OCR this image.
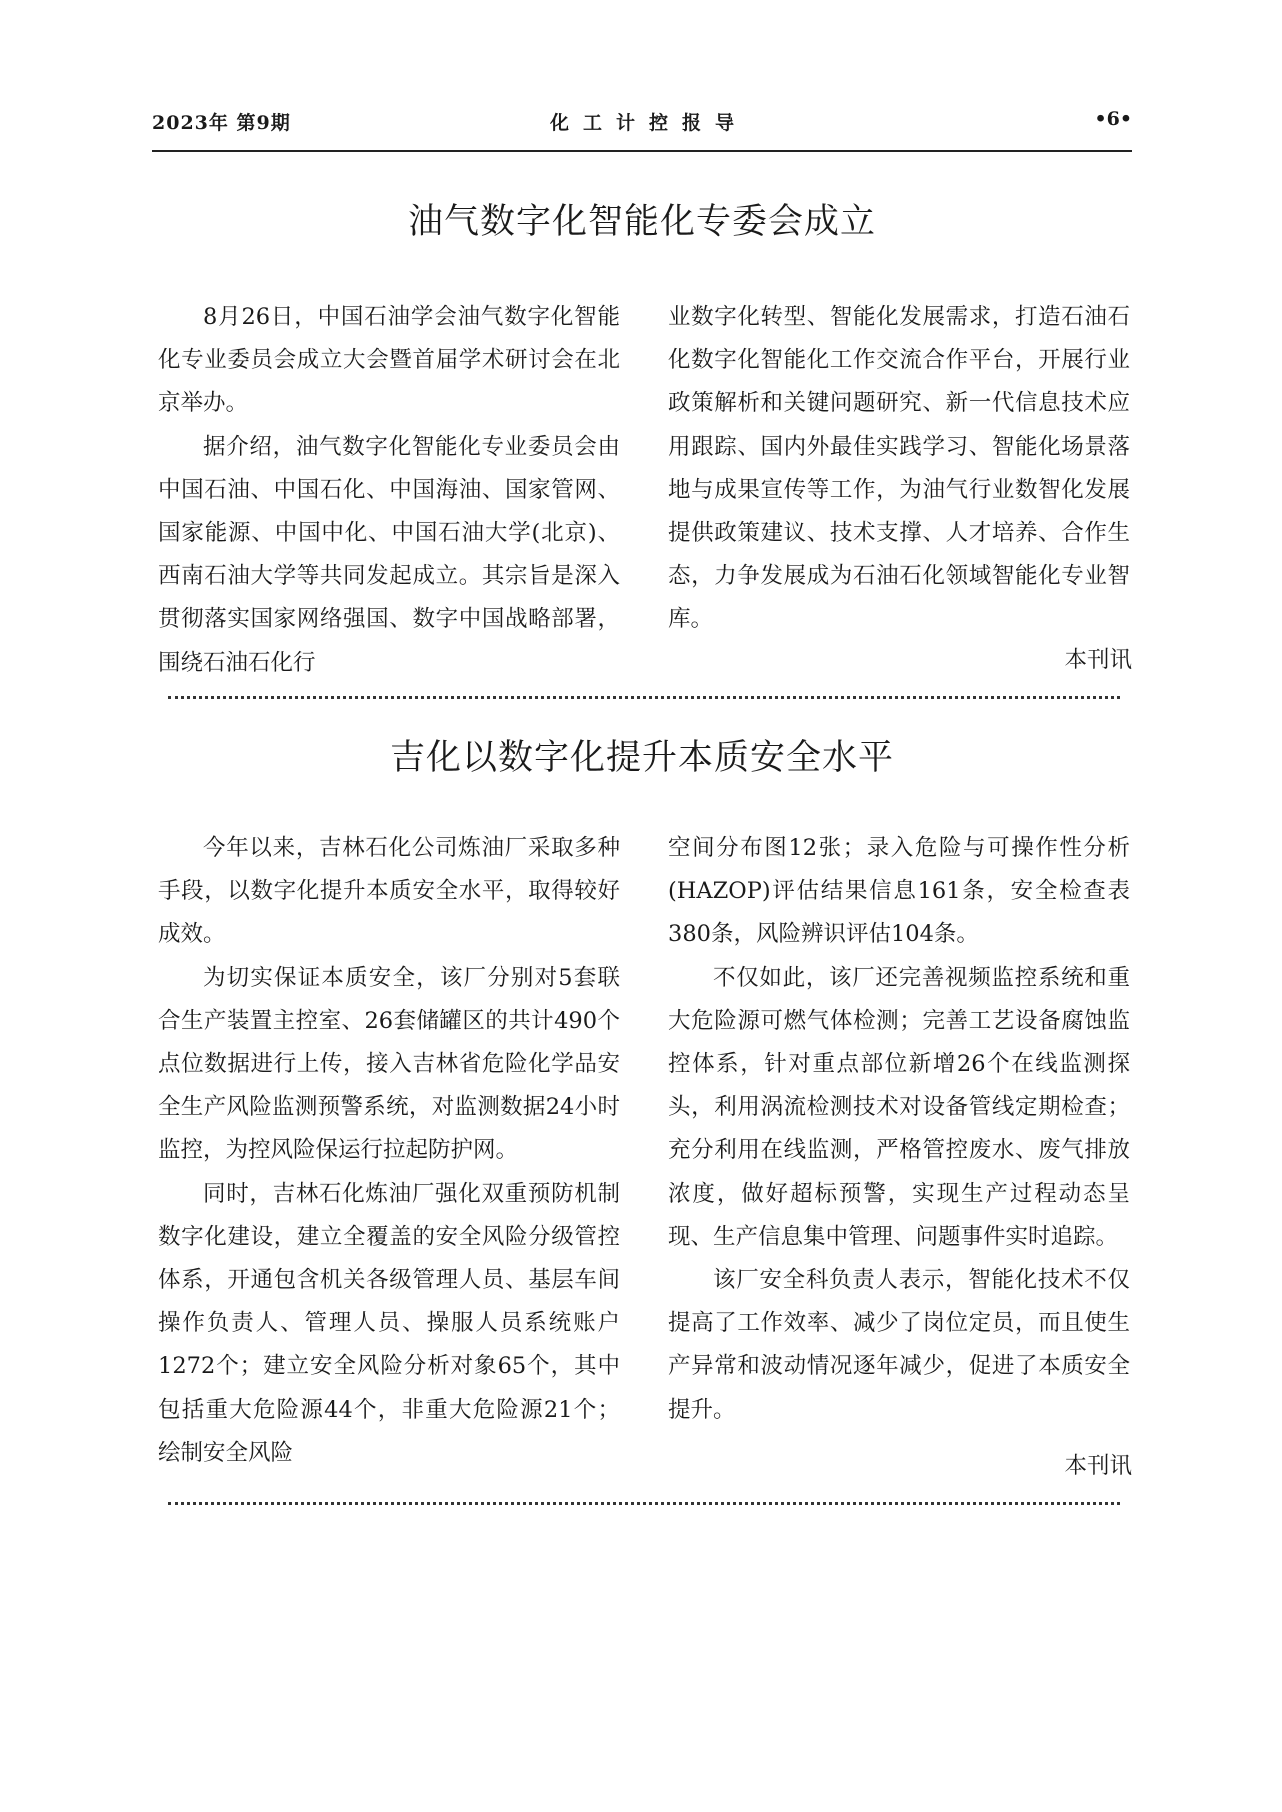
2023年 第9期	化工计控报导	•6•
油气数字化智能化专委会成立

8月26日，中国石油学会油气数字化智能化专业委员会成立大会暨首届学术研讨会在北京举办。

据介绍，油气数字化智能化专业委员会由中国石油、中国石化、中国海油、国家管网、国家能源、中国中化、中国石油大学(北京)、西南石油大学等共同发起成立。其宗旨是深入贯彻落实国家网络强国、数字中国战略部署，围绕石油石化行

业数字化转型、智能化发展需求，打造石油石化数字化智能化工作交流合作平台，开展行业政策解析和关键问题研究、新一代信息技术应用跟踪、国内外最佳实践学习、智能化场景落地与成果宣传等工作，为油气行业数智化发展提供政策建议、技术支撑、人才培养、合作生态，力争发展成为石油石化领域智能化专业智库。

本刊讯
吉化以数字化提升本质安全水平

今年以来，吉林石化公司炼油厂采取多种手段，以数字化提升本质安全水平，取得较好成效。

为切实保证本质安全，该厂分别对5套联合生产装置主控室、26套储罐区的共计490个点位数据进行上传，接入吉林省危险化学品安全生产风险监测预警系统，对监测数据24小时监控，为控风险保运行拉起防护网。

同时，吉林石化炼油厂强化双重预防机制数字化建设，建立全覆盖的安全风险分级管控体系，开通包含机关各级管理人员、基层车间操作负责人、管理人员、操服人员系统账户1272个；建立安全风险分析对象65个，其中包括重大危险源44个，非重大危险源21个；绘制安全风险

空间分布图12张；录入危险与可操作性分析(HAZOP)评估结果信息161条，安全检查表380条，风险辨识评估104条。

不仅如此，该厂还完善视频监控系统和重大危险源可燃气体检测；完善工艺设备腐蚀监控体系，针对重点部位新增26个在线监测探头，利用涡流检测技术对设备管线定期检查；充分利用在线监测，严格管控废水、废气排放浓度，做好超标预警，实现生产过程动态呈现、生产信息集中管理、问题事件实时追踪。

该厂安全科负责人表示，智能化技术不仅提高了工作效率、减少了岗位定员，而且使生产异常和波动情况逐年减少，促进了本质安全提升。

本刊讯
